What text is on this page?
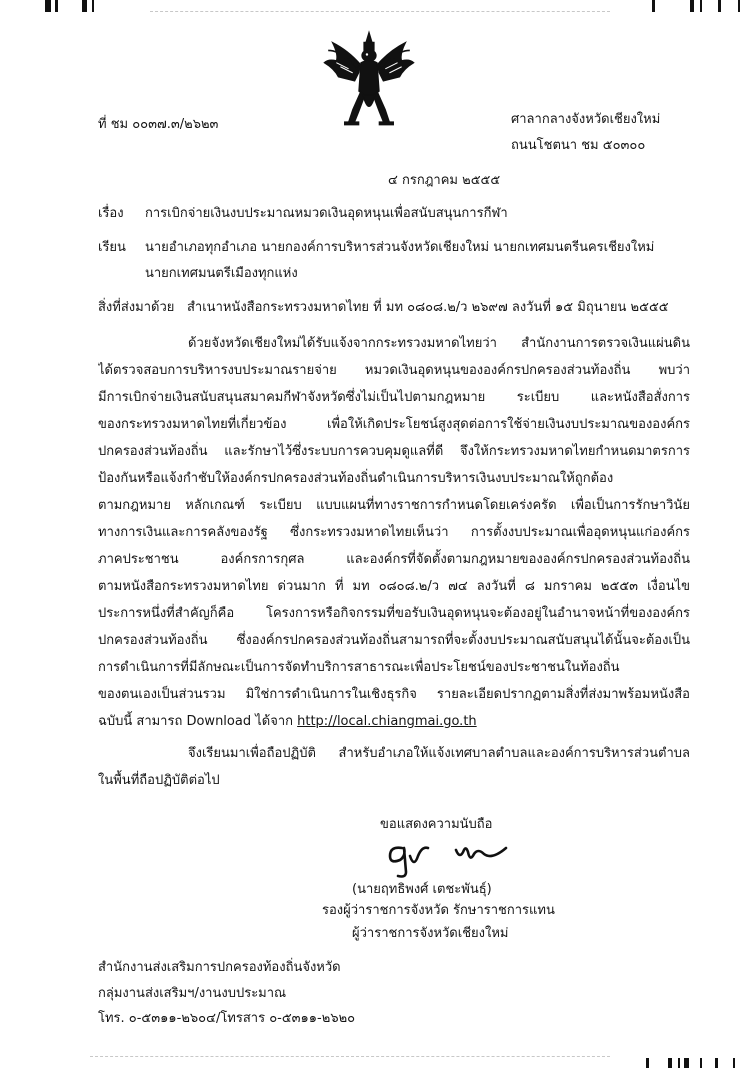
ที่ ชม ๐๐๓๗.๓/๒๖๒๓	ศาลากลางจังหวัดเชียงใหม่
ถนนโชตนา ชม ๕๐๓๐๐
๔ กรกฎาคม ๒๕๕๕
เรื่อง การเบิกจ่ายเงินงบประมาณหมวดเงินอุดหนุนเพื่อสนับสนุนการกีฬา
เรียน นายอำเภอทุกอำเภอ นายกองค์การบริหารส่วนจังหวัดเชียงใหม่ นายกเทศมนตรีนครเชียงใหม่
นายกเทศมนตรีเมืองทุกแห่ง
สิ่งที่ส่งมาด้วย สำเนาหนังสือกระทรวงมหาดไทย ที่ มท ๐๘๐๘.๒/ว ๒๖๙๗ ลงวันที่ ๑๕ มิถุนายน ๒๕๕๕
ด้วยจังหวัดเชียงใหม่ได้รับแจ้งจากกระทรวงมหาดไทยว่า สำนักงานการตรวจเงินแผ่นดิน
ได้ตรวจสอบการบริหารงบประมาณรายจ่าย หมวดเงินอุดหนุนขององค์กรปกครองส่วนท้องถิ่น พบว่า
มีการเบิกจ่ายเงินสนับสนุนสมาคมกีฬาจังหวัดซึ่งไม่เป็นไปตามกฎหมาย ระเบียบ และหนังสือสั่งการ
ของกระทรวงมหาดไทยที่เกี่ยวข้อง เพื่อให้เกิดประโยชน์สูงสุดต่อการใช้จ่ายเงินงบประมาณขององค์กร
ปกครองส่วนท้องถิ่น และรักษาไว้ซึ่งระบบการควบคุมดูแลที่ดี จึงให้กระทรวงมหาดไทยกำหนดมาตรการ
ป้องกันหรือแจ้งกำชับให้องค์กรปกครองส่วนท้องถิ่นดำเนินการบริหารเงินงบประมาณให้ถูกต้อง
ตามกฎหมาย หลักเกณฑ์ ระเบียบ แบบแผนที่ทางราชการกำหนดโดยเคร่งครัด เพื่อเป็นการรักษาวินัย
ทางการเงินและการคลังของรัฐ ซึ่งกระทรวงมหาดไทยเห็นว่า การตั้งงบประมาณเพื่ออุดหนุนแก่องค์กร
ภาคประชาชน องค์กรการกุศล และองค์กรที่จัดตั้งตามกฎหมายขององค์กรปกครองส่วนท้องถิ่น
ตามหนังสือกระทรวงมหาดไทย ด่วนมาก ที่ มท ๐๘๐๘.๒/ว ๗๔ ลงวันที่ ๘ มกราคม ๒๕๕๓ เงื่อนไข
ประการหนึ่งที่สำคัญก็คือ โครงการหรือกิจกรรมที่ขอรับเงินอุดหนุนจะต้องอยู่ในอำนาจหน้าที่ขององค์กร
ปกครองส่วนท้องถิ่น ซึ่งองค์กรปกครองส่วนท้องถิ่นสามารถที่จะตั้งงบประมาณสนับสนุนได้นั้นจะต้องเป็น
การดำเนินการที่มีลักษณะเป็นการจัดทำบริการสาธารณะเพื่อประโยชน์ของประชาชนในท้องถิ่น
ของตนเองเป็นส่วนรวม มิใช่การดำเนินการในเชิงธุรกิจ รายละเอียดปรากฏตามสิ่งที่ส่งมาพร้อมหนังสือ
ฉบับนี้ สามารถ Download ได้จาก http://local.chiangmai.go.th
จึงเรียนมาเพื่อถือปฏิบัติ สำหรับอำเภอให้แจ้งเทศบาลตำบลและองค์การบริหารส่วนตำบล
ในพื้นที่ถือปฏิบัติต่อไป
ขอแสดงความนับถือ
(นายฤทธิพงศ์ เตชะพันธุ์)
รองผู้ว่าราชการจังหวัด รักษาราชการแทน
ผู้ว่าราชการจังหวัดเชียงใหม่
สำนักงานส่งเสริมการปกครองท้องถิ่นจังหวัด
กลุ่มงานส่งเสริมฯ/งานงบประมาณ
โทร. ๐-๕๓๑๑-๒๖๐๔/โทรสาร ๐-๕๓๑๑-๒๖๒๐
